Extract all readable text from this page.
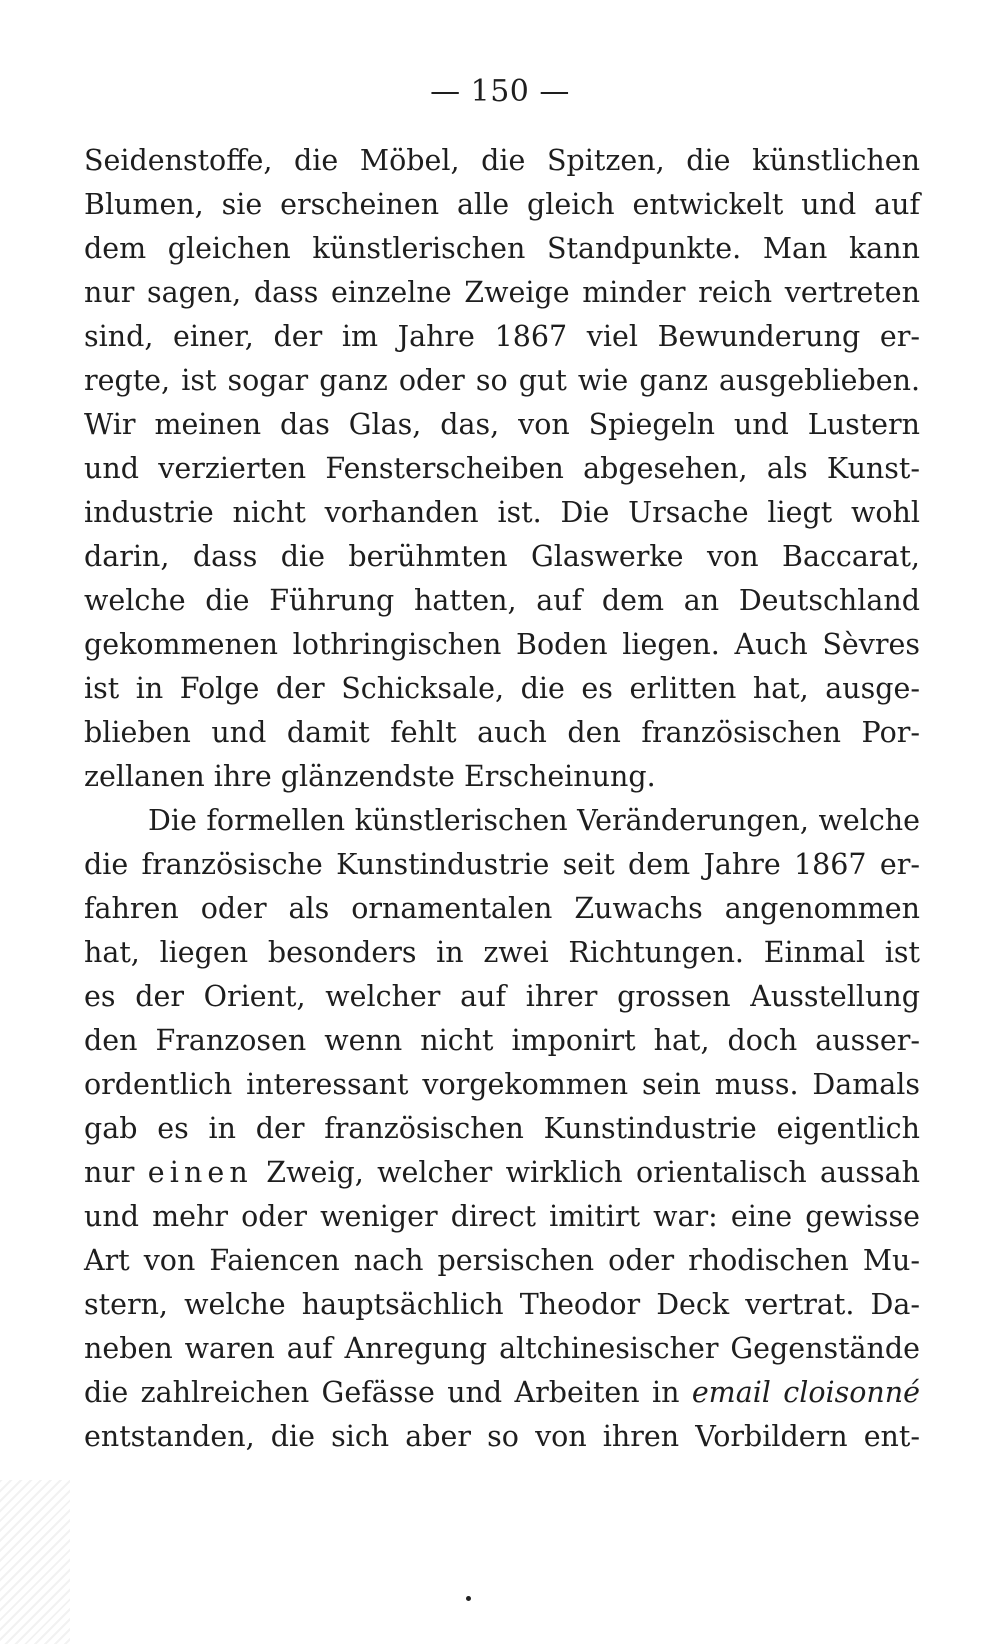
— 150 —
Seidenstoffe, die Möbel, die Spitzen, die künstlichen
Blumen, sie erscheinen alle gleich entwickelt und auf
dem gleichen künstlerischen Standpunkte. Man kann
nur sagen, dass einzelne Zweige minder reich vertreten
sind, einer, der im Jahre 1867 viel Bewunderung er-
regte, ist sogar ganz oder so gut wie ganz ausgeblieben.
Wir meinen das Glas, das, von Spiegeln und Lustern
und verzierten Fensterscheiben abgesehen, als Kunst-
industrie nicht vorhanden ist. Die Ursache liegt wohl
darin, dass die berühmten Glaswerke von Baccarat,
welche die Führung hatten, auf dem an Deutschland
gekommenen lothringischen Boden liegen. Auch Sèvres
ist in Folge der Schicksale, die es erlitten hat, ausge-
blieben und damit fehlt auch den französischen Por-
zellanen ihre glänzendste Erscheinung.
Die formellen künstlerischen Veränderungen, welche
die französische Kunstindustrie seit dem Jahre 1867 er-
fahren oder als ornamentalen Zuwachs angenommen
hat, liegen besonders in zwei Richtungen. Einmal ist
es der Orient, welcher auf ihrer grossen Ausstellung
den Franzosen wenn nicht imponirt hat, doch ausser-
ordentlich interessant vorgekommen sein muss. Damals
gab es in der französischen Kunstindustrie eigentlich
nur einen Zweig, welcher wirklich orientalisch aussah
und mehr oder weniger direct imitirt war: eine gewisse
Art von Faiencen nach persischen oder rhodischen Mu-
stern, welche hauptsächlich Theodor Deck vertrat. Da-
neben waren auf Anregung altchinesischer Gegenstände
die zahlreichen Gefässe und Arbeiten in email cloisonné
entstanden, die sich aber so von ihren Vorbildern ent-
